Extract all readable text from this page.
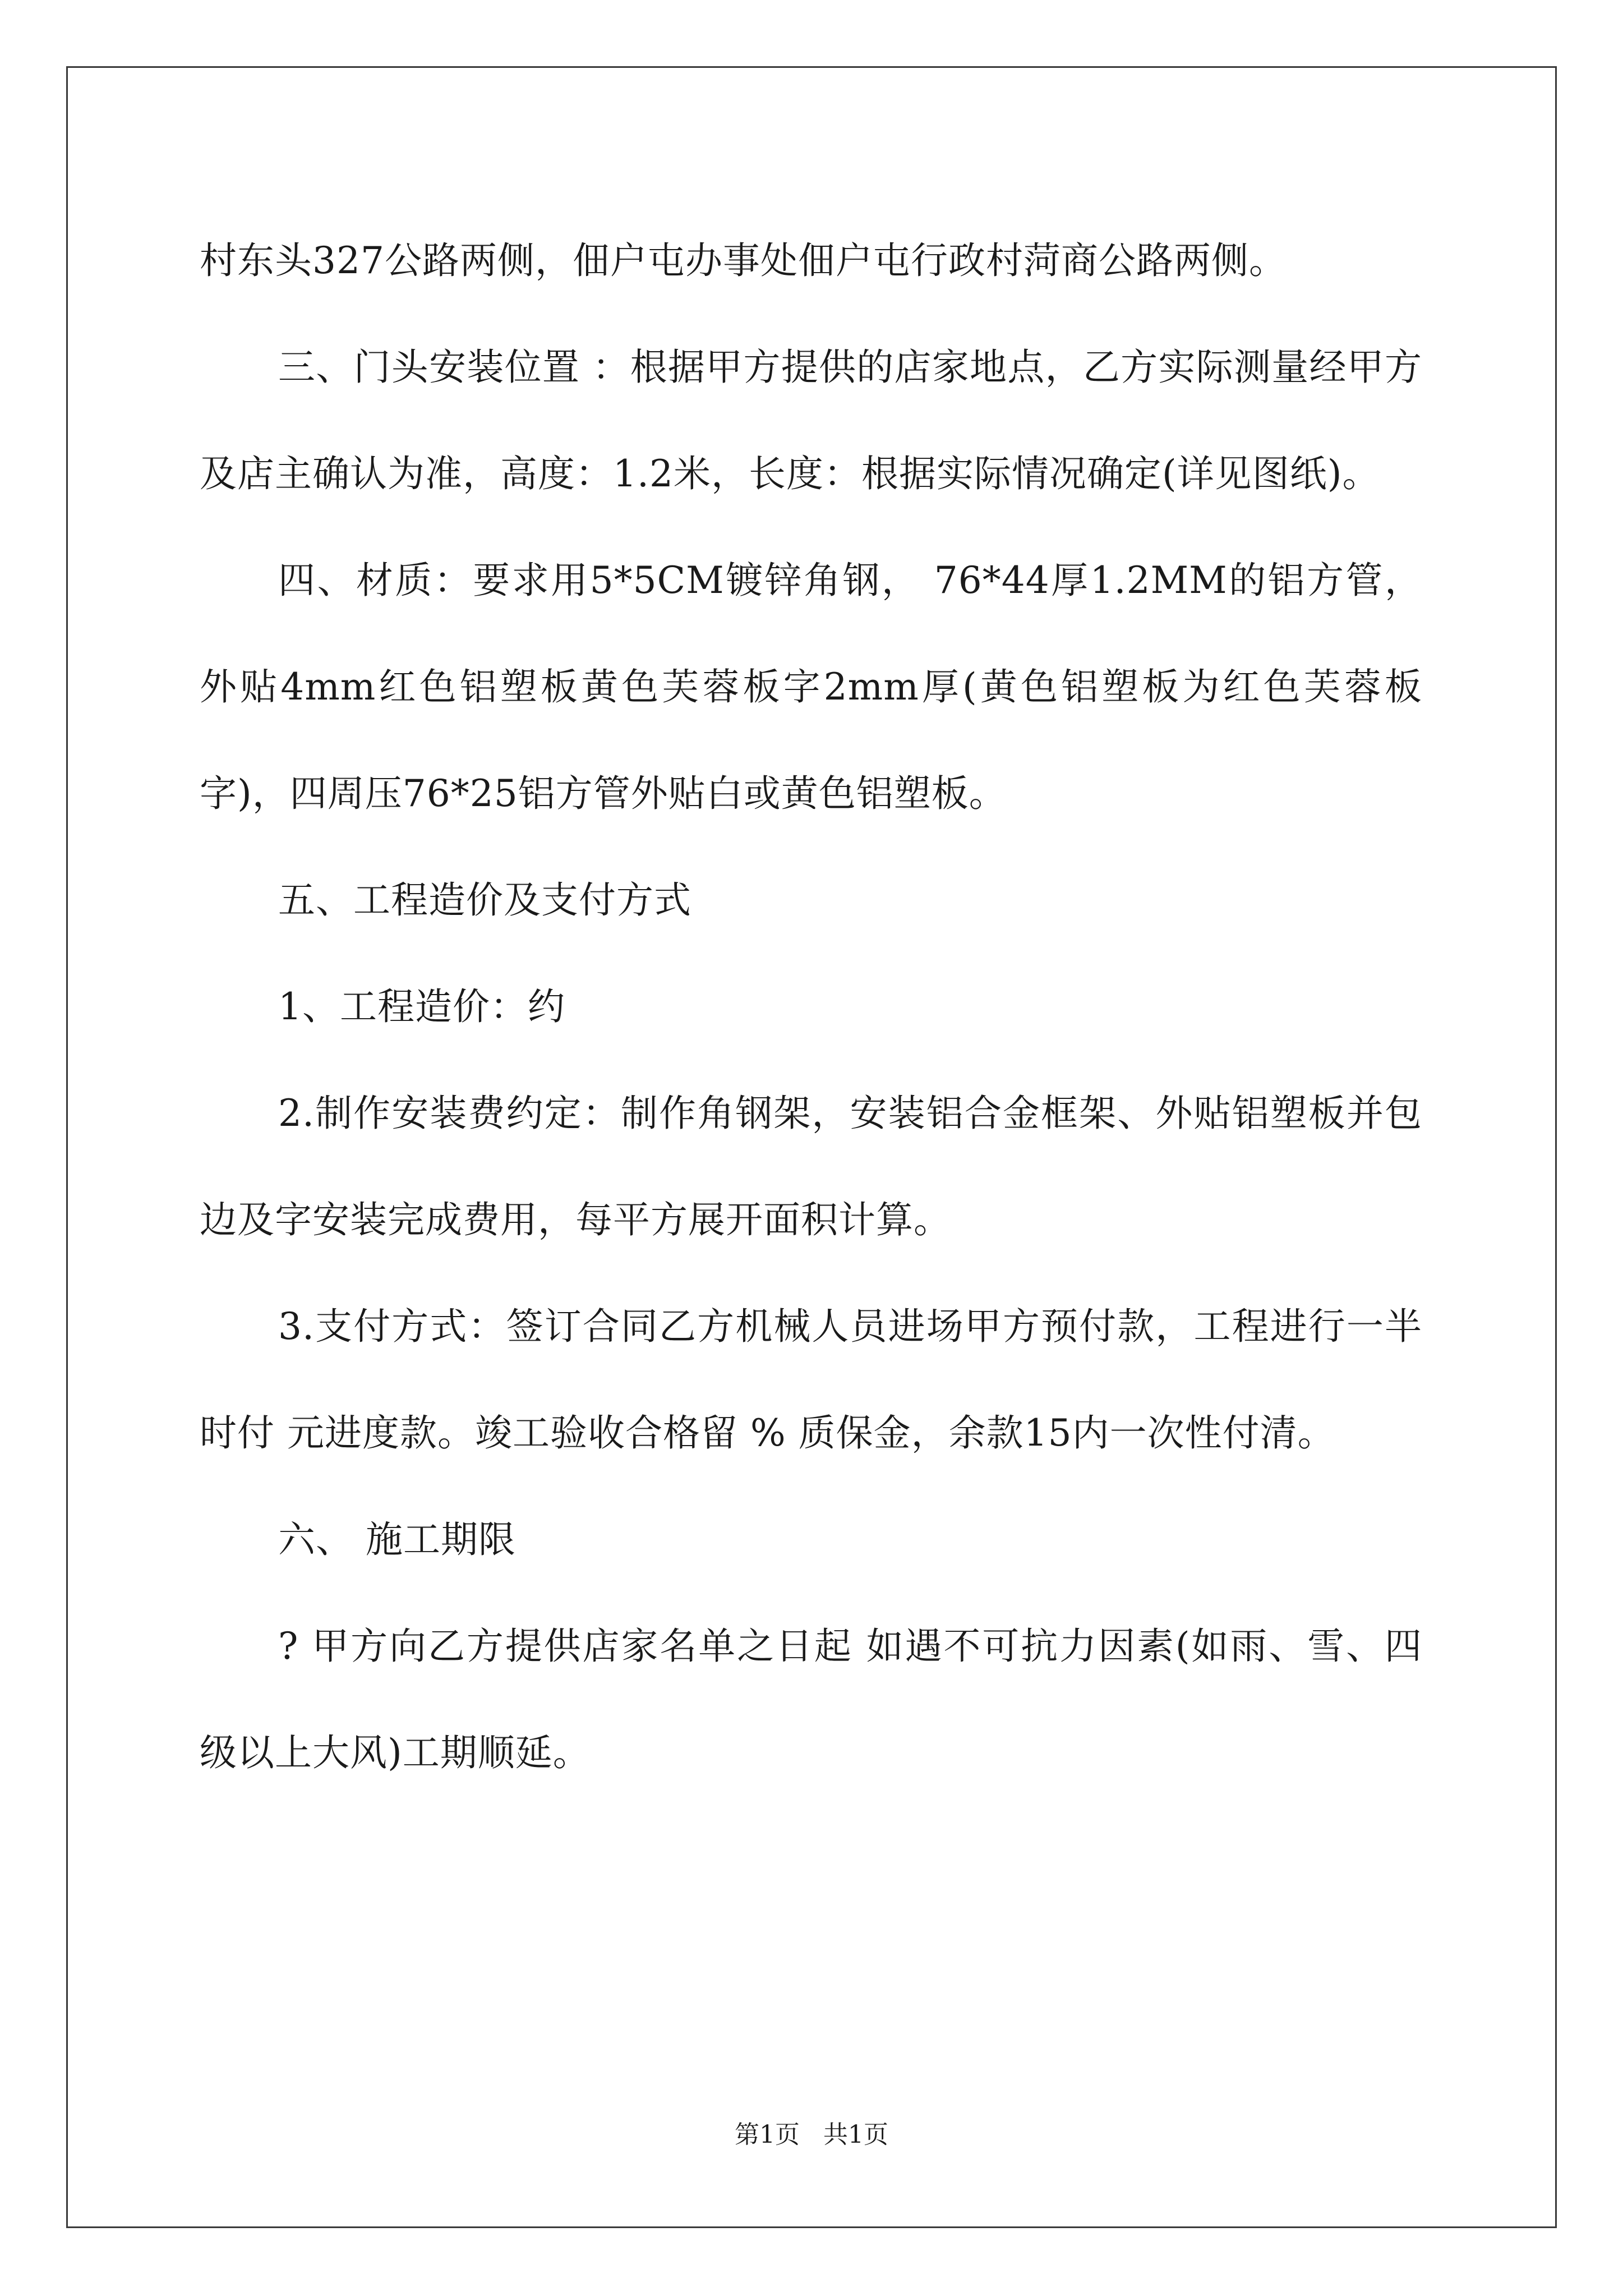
村东头327公路两侧，佃户屯办事处佃户屯行政村菏商公路两侧。

三、门头安装位置 ：根据甲方提供的店家地点，乙方实际测量经甲方及店主确认为准，高度：1.2米，长度：根据实际情况确定(详见图纸)。

四、材质：要求用5*5CM镀锌角钢， 76*44厚1.2MM的铝方管，外贴4mm红色铝塑板黄色芙蓉板字2mm厚(黄色铝塑板为红色芙蓉板字)，四周压76*25铝方管外贴白或黄色铝塑板。

五、工程造价及支付方式

1、工程造价：约

2.制作安装费约定：制作角钢架，安装铝合金框架、外贴铝塑板并包边及字安装完成费用，每平方展开面积计算。

3.支付方式：签订合同乙方机械人员进场甲方预付款，工程进行一半时付 元进度款。竣工验收合格留 % 质保金，余款15内一次性付清。

六、 施工期限

? 甲方向乙方提供店家名单之日起 如遇不可抗力因素(如雨、雪、四级以上大风)工期顺延。

第1页 共1页
